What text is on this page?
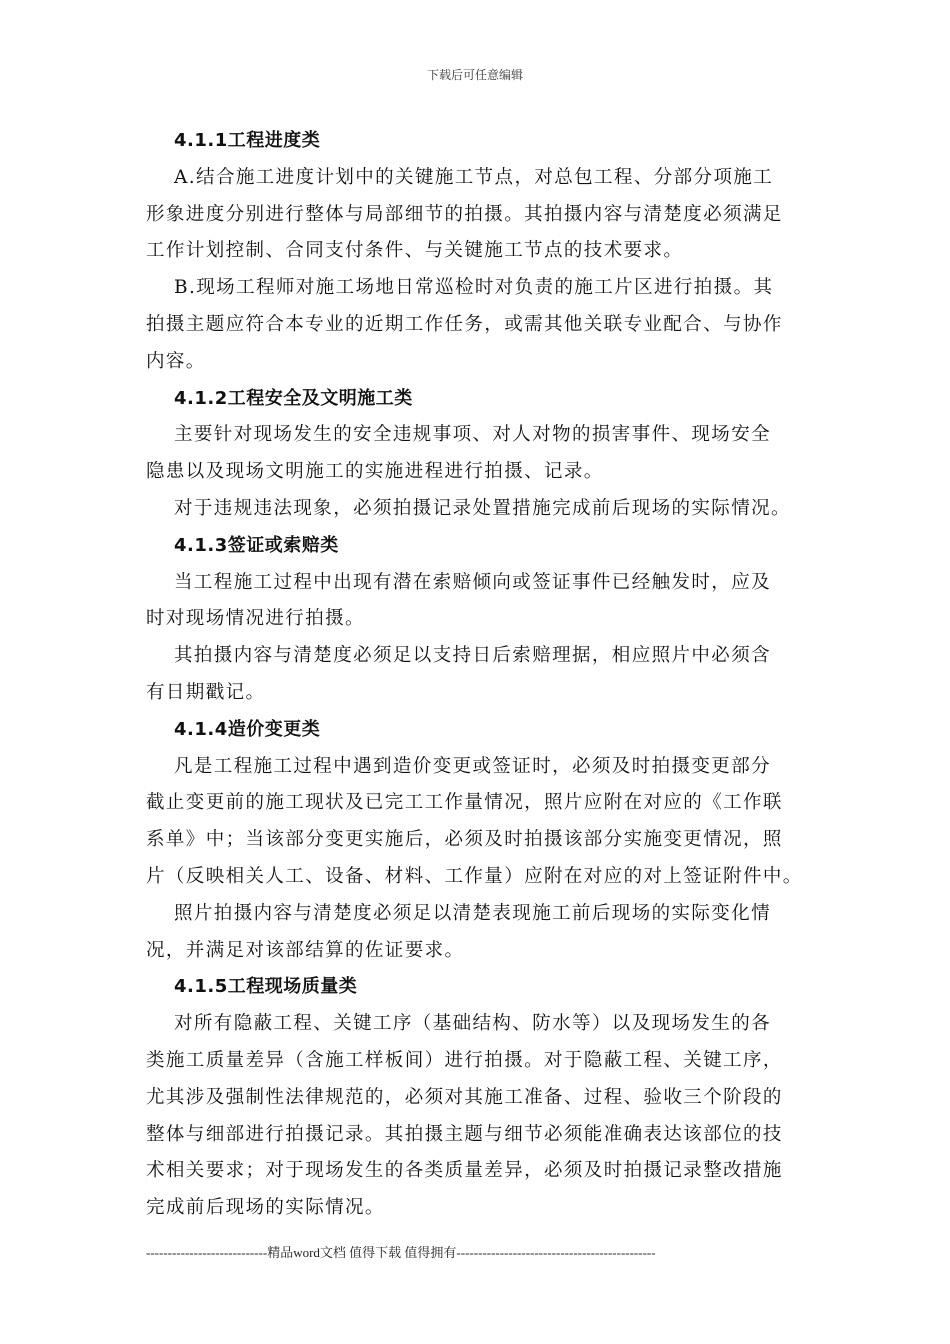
下载后可任意编辑
4.1.1工程进度类
A.结合施工进度计划中的关键施工节点，对总包工程、分部分项施工
形象进度分别进行整体与局部细节的拍摄。其拍摄内容与清楚度必须满足
工作计划控制、合同支付条件、与关键施工节点的技术要求。
B.现场工程师对施工场地日常巡检时对负责的施工片区进行拍摄。其
拍摄主题应符合本专业的近期工作任务，或需其他关联专业配合、与协作
内容。
4.1.2工程安全及文明施工类
主要针对现场发生的安全违规事项、对人对物的损害事件、现场安全
隐患以及现场文明施工的实施进程进行拍摄、记录。
对于违规违法现象，必须拍摄记录处置措施完成前后现场的实际情况。
4.1.3签证或索赔类
当工程施工过程中出现有潜在索赔倾向或签证事件已经触发时，应及
时对现场情况进行拍摄。
其拍摄内容与清楚度必须足以支持日后索赔理据，相应照片中必须含
有日期戳记。
4.1.4造价变更类
凡是工程施工过程中遇到造价变更或签证时，必须及时拍摄变更部分
截止变更前的施工现状及已完工工作量情况，照片应附在对应的《工作联
系单》中；当该部分变更实施后，必须及时拍摄该部分实施变更情况，照
片（反映相关人工、设备、材料、工作量）应附在对应的对上签证附件中。
照片拍摄内容与清楚度必须足以清楚表现施工前后现场的实际变化情
况，并满足对该部结算的佐证要求。
4.1.5工程现场质量类
对所有隐蔽工程、关键工序（基础结构、防水等）以及现场发生的各
类施工质量差异（含施工样板间）进行拍摄。对于隐蔽工程、关键工序，
尤其涉及强制性法律规范的，必须对其施工准备、过程、验收三个阶段的
整体与细部进行拍摄记录。其拍摄主题与细节必须能准确表达该部位的技
术相关要求；对于现场发生的各类质量差异，必须及时拍摄记录整改措施
完成前后现场的实际情况。
----------------------------精品word文档 值得下载 值得拥有----------------------------------------------
